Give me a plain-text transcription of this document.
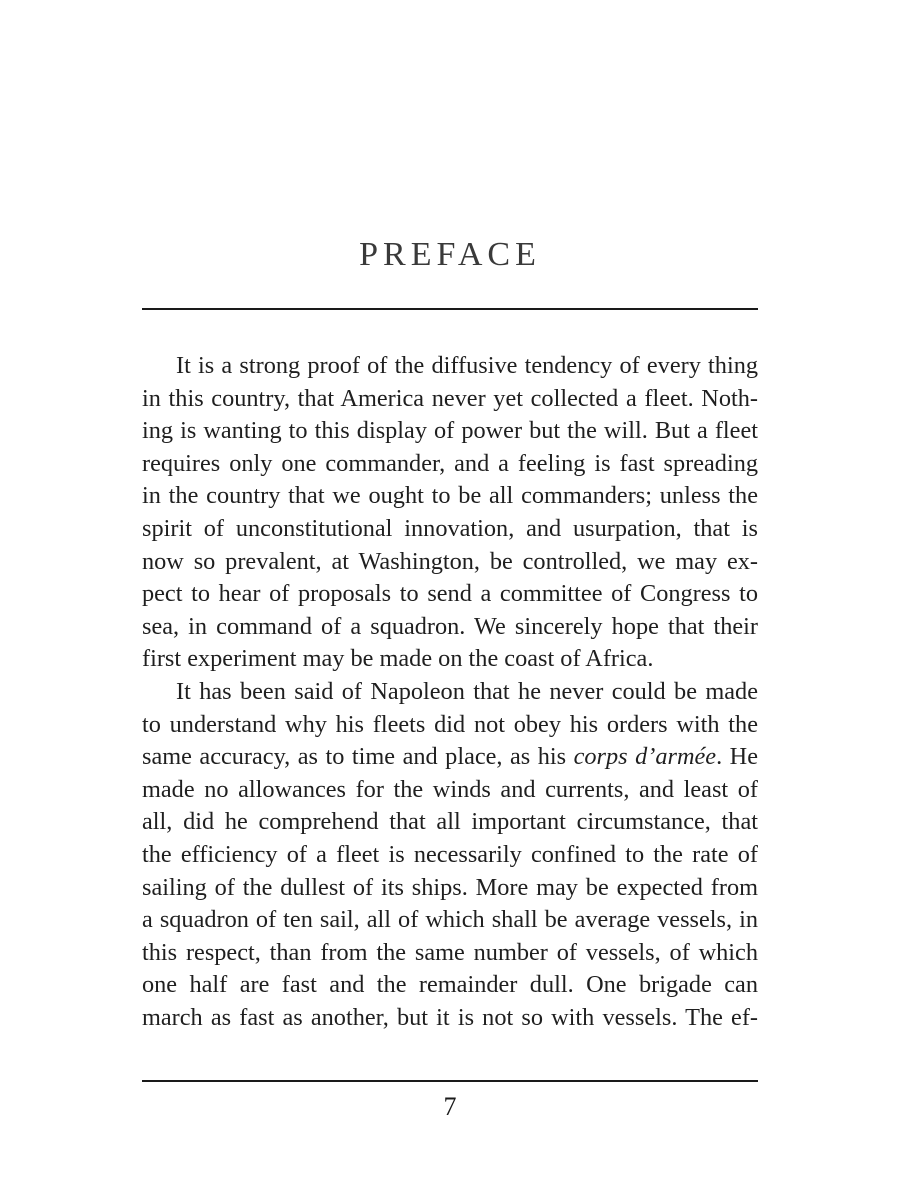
PREFACE
It is a strong proof of the diffusive tendency of every thing
in this country, that America never yet collected a fleet. Noth-
ing is wanting to this display of power but the will. But a fleet
requires only one commander, and a feeling is fast spreading
in the country that we ought to be all commanders; unless the
spirit of unconstitutional innovation, and usurpation, that is
now so prevalent, at Washington, be controlled, we may ex-
pect to hear of proposals to send a committee of Congress to
sea, in command of a squadron. We sincerely hope that their
first experiment may be made on the coast of Africa.
It has been said of Napoleon that he never could be made
to understand why his fleets did not obey his orders with the
same accuracy, as to time and place, as his corps d’armée. He
made no allowances for the winds and currents, and least of
all, did he comprehend that all important circumstance, that
the efficiency of a fleet is necessarily confined to the rate of
sailing of the dullest of its ships. More may be expected from
a squadron of ten sail, all of which shall be average vessels, in
this respect, than from the same number of vessels, of which
one half are fast and the remainder dull. One brigade can
march as fast as another, but it is not so with vessels. The ef-
7
